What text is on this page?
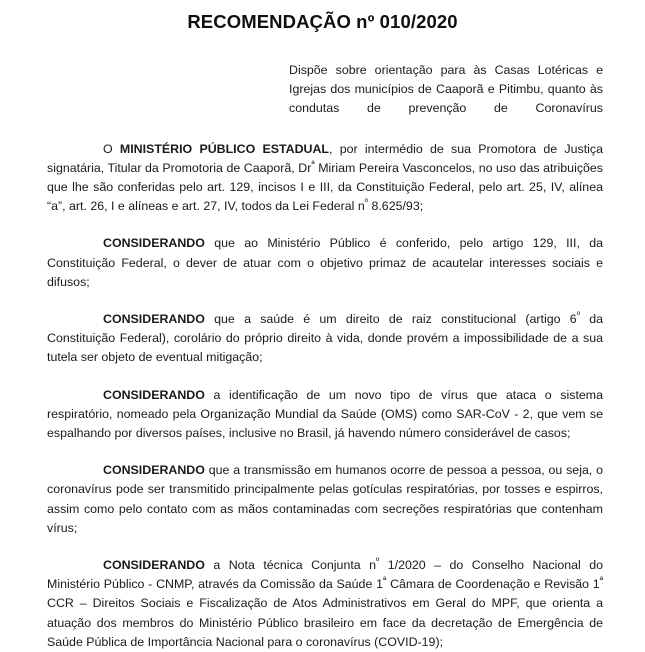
RECOMENDAÇÃO nº 010/2020
Dispõe sobre orientação para às Casas Lotéricas e Igrejas dos municípios de Caaporã e Pitimbu, quanto às condutas de prevenção de Coronavírus

O MINISTÉRIO PÚBLICO ESTADUAL, por intermédio de sua Promotora de Justiça signatária, Titular da Promotoria de Caaporã, $Dr^ª$ Miriam Pereira Vasconcelos, no uso das atribuições que lhe são conferidas pelo art. 129, incisos I e III, da Constituição Federal, pelo art. 25, IV, alínea “a”, art. 26, I e alíneas e art. 27, IV, todos da Lei Federal $n^º$ 8.625/93;

CONSIDERANDO que ao Ministério Público é conferido, pelo artigo 129, III, da Constituição Federal, o dever de atuar com o objetivo primaz de acautelar interesses sociais e difusos;

CONSIDERANDO que a saúde é um direito de raiz constitucional (artigo $6^º$ da Constituição Federal), corolário do próprio direito à vida, donde provém a impossibilidade de a sua tutela ser objeto de eventual mitigação;

CONSIDERANDO a identificação de um novo tipo de vírus que ataca o sistema respiratório, nomeado pela Organização Mundial da Saúde (OMS) como SAR-CoV - 2, que vem se espalhando por diversos países, inclusive no Brasil, já havendo número considerável de casos;

CONSIDERANDO que a transmissão em humanos ocorre de pessoa a pessoa, ou seja, o coronavírus pode ser transmitido principalmente pelas gotículas respiratórias, por tosses e espirros, assim como pelo contato com as mãos contaminadas com secreções respiratórias que contenham vírus;

CONSIDERANDO a Nota técnica Conjunta $n^º$ 1/2020 – do Conselho Nacional do Ministério Público - CNMP, através da Comissão da Saúde $1^ª$ Câmara de Coordenação e Revisão $1^ª$ CCR – Direitos Sociais e Fiscalização de Atos Administrativos em Geral do MPF, que orienta a atuação dos membros do Ministério Público brasileiro em face da decretação de Emergência de Saúde Pública de Importância Nacional para o coronavírus (COVID-19);
